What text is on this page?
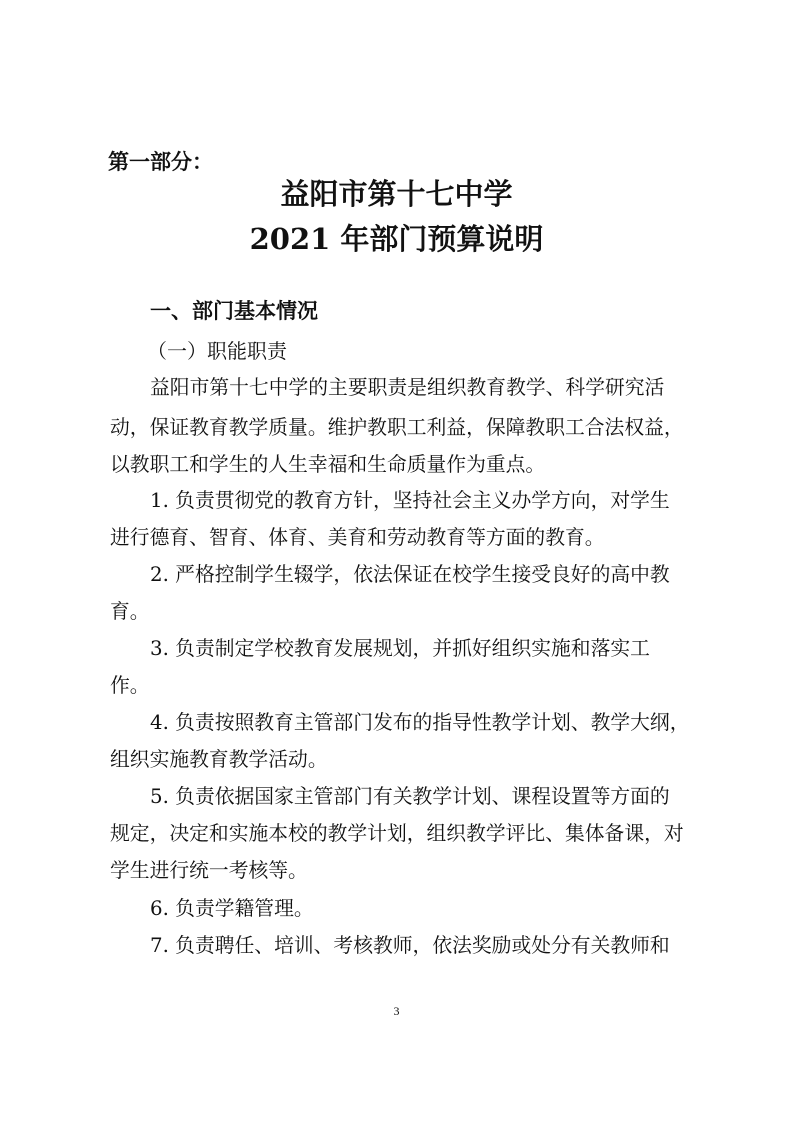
第一部分：
益阳市第十七中学
2021 年部门预算说明
一、部门基本情况
（一）职能职责
益阳市第十七中学的主要职责是组织教育教学、科学研究活
动，保证教育教学质量。维护教职工利益，保障教职工合法权益，
以教职工和学生的人生幸福和生命质量作为重点。
1. 负责贯彻党的教育方针，坚持社会主义办学方向，对学生
进行德育、智育、体育、美育和劳动教育等方面的教育。
2. 严格控制学生辍学，依法保证在校学生接受良好的高中教
育。
3. 负责制定学校教育发展规划，并抓好组织实施和落实工
作。
4. 负责按照教育主管部门发布的指导性教学计划、教学大纲，
组织实施教育教学活动。
5. 负责依据国家主管部门有关教学计划、课程设置等方面的
规定，决定和实施本校的教学计划，组织教学评比、集体备课，对
学生进行统一考核等。
6. 负责学籍管理。
7. 负责聘任、培训、考核教师，依法奖励或处分有关教师和
3
